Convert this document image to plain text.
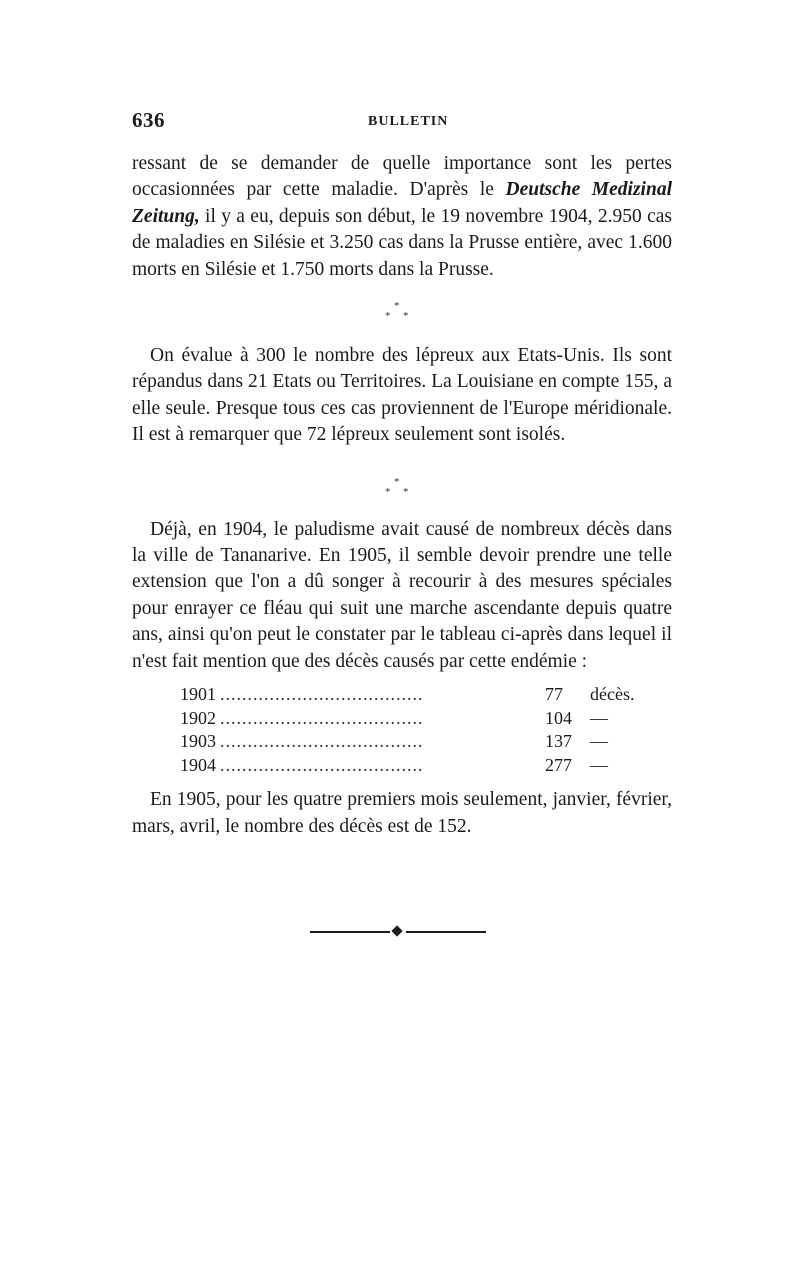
636	BULLETIN

ressant de se demander de quelle importance sont les pertes occasionnées par cette maladie. D'après le Deutsche Medizinal Zeitung, il y a eu, depuis son début, le 19 novembre 1904, 2.950 cas de maladies en Silésie et 3.250 cas dans la Prusse entière, avec 1.600 morts en Silésie et 1.750 morts dans la Prusse.

*
* *

On évalue à 300 le nombre des lépreux aux Etats-Unis. Ils sont répandus dans 21 Etats ou Territoires. La Louisiane en compte 155, a elle seule. Presque tous ces cas proviennent de l'Europe méridionale. Il est à remarquer que 72 lépreux seulement sont isolés.

*
* *

Déjà, en 1904, le paludisme avait causé de nombreux décès dans la ville de Tananarive. En 1905, il semble devoir prendre une telle extension que l'on a dû songer à recourir à des mesures spéciales pour enrayer ce fléau qui suit une marche ascendante depuis quatre ans, ainsi qu'on peut le constater par le tableau ci-après dans lequel il n'est fait mention que des décès causés par cette endémie :

1901 .....................................	77 décès.
1902 .....................................	104 —
1903 .....................................	137 —
1904 .....................................	277 —

En 1905, pour les quatre premiers mois seulement, janvier, février, mars, avril, le nombre des décès est de 152.
